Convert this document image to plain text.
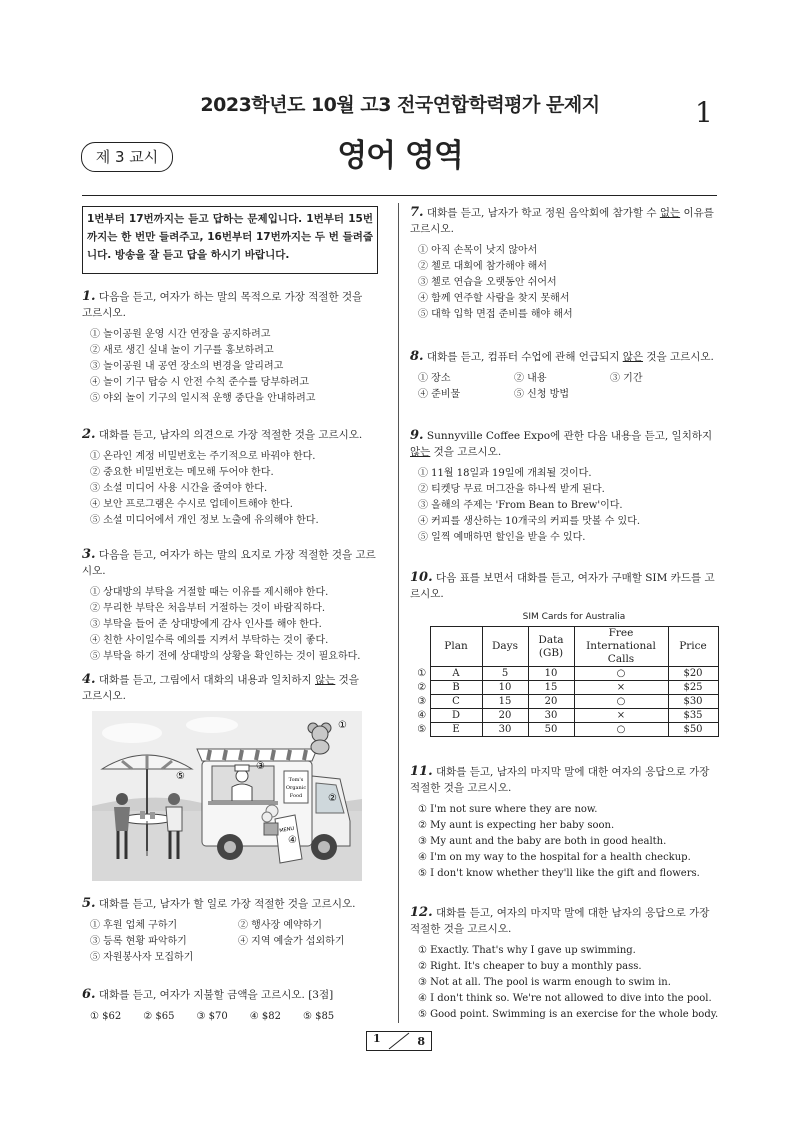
2023학년도 10월 고3 전국연합학력평가 문제지	1
제 3 교시	영어 영역
1번부터 17번까지는 듣고 답하는 문제입니다. 1번부터 15번까지는 한 번만 들려주고, 16번부터 17번까지는 두 번 들려줍니다. 방송을 잘 듣고 답을 하시기 바랍니다.

1. 다음을 듣고, 여자가 하는 말의 목적으로 가장 적절한 것을 고르시오.

① 놀이공원 운영 시간 연장을 공지하려고
② 새로 생긴 실내 놀이 기구를 홍보하려고
③ 놀이공원 내 공연 장소의 변경을 알리려고
④ 놀이 기구 탑승 시 안전 수칙 준수를 당부하려고
⑤ 야외 놀이 기구의 일시적 운행 중단을 안내하려고

2. 대화를 듣고, 남자의 의견으로 가장 적절한 것을 고르시오.

① 온라인 계정 비밀번호는 주기적으로 바꿔야 한다.
② 중요한 비밀번호는 메모해 두어야 한다.
③ 소셜 미디어 사용 시간을 줄여야 한다.
④ 보안 프로그램은 수시로 업데이트해야 한다.
⑤ 소셜 미디어에서 개인 정보 노출에 유의해야 한다.

3. 다음을 듣고, 여자가 하는 말의 요지로 가장 적절한 것을 고르시오.

① 상대방의 부탁을 거절할 때는 이유를 제시해야 한다.
② 무리한 부탁은 처음부터 거절하는 것이 바람직하다.
③ 부탁을 들어 준 상대방에게 감사 인사를 해야 한다.
④ 친한 사이일수록 예의를 지켜서 부탁하는 것이 좋다.
⑤ 부탁을 하기 전에 상대방의 상황을 확인하는 것이 필요하다.

4. 대화를 듣고, 그림에서 대화의 내용과 일치하지 않는 것을 고르시오.

Tom's
Organic
Food
MENU
①
②
③
④
⑤

5. 대화를 듣고, 남자가 할 일로 가장 적절한 것을 고르시오.

① 후원 업체 구하기	② 행사장 예약하기
③ 등록 현황 파악하기	④ 지역 예술가 섭외하기
⑤ 자원봉사자 모집하기

6. 대화를 듣고, 여자가 지불할 금액을 고르시오. [3점]

① $62 ② $65 ③ $70 ④ $82 ⑤ $85

7. 대화를 듣고, 남자가 학교 정원 음악회에 참가할 수 없는 이유를 고르시오.

① 아직 손목이 낫지 않아서
② 첼로 대회에 참가해야 해서
③ 첼로 연습을 오랫동안 쉬어서
④ 함께 연주할 사람을 찾지 못해서
⑤ 대학 입학 면접 준비를 해야 해서

8. 대화를 듣고, 컴퓨터 수업에 관해 언급되지 않은 것을 고르시오.

① 장소	② 내용	③ 기간
④ 준비물	⑤ 신청 방법

9. Sunnyville Coffee Expo에 관한 다음 내용을 듣고, 일치하지 않는 것을 고르시오.

① 11월 18일과 19일에 개최될 것이다.
② 티켓당 무료 머그잔을 하나씩 받게 된다.
③ 올해의 주제는 'From Bean to Brew'이다.
④ 커피를 생산하는 10개국의 커피를 맛볼 수 있다.
⑤ 일찍 예매하면 할인을 받을 수 있다.

10. 다음 표를 보면서 대화를 듣고, 여자가 구매할 SIM 카드를 고르시오.

SIM Cards for Australia
	Plan	Days	Data (GB)	Free International Calls	Price
①	A	5	10	○	$20
②	B	10	15	×	$25
③	C	15	20	○	$30
④	D	20	30	×	$35
⑤	E	30	50	○	$50

11. 대화를 듣고, 남자의 마지막 말에 대한 여자의 응답으로 가장 적절한 것을 고르시오.

① I'm not sure where they are now.
② My aunt is expecting her baby soon.
③ My aunt and the baby are both in good health.
④ I'm on my way to the hospital for a health checkup.
⑤ I don't know whether they'll like the gift and flowers.

12. 대화를 듣고, 여자의 마지막 말에 대한 남자의 응답으로 가장 적절한 것을 고르시오.

① Exactly. That's why I gave up swimming.
② Right. It's cheaper to buy a monthly pass.
③ Not at all. The pool is warm enough to swim in.
④ I don't think so. We're not allowed to dive into the pool.
⑤ Good point. Swimming is an exercise for the whole body.
1	8
